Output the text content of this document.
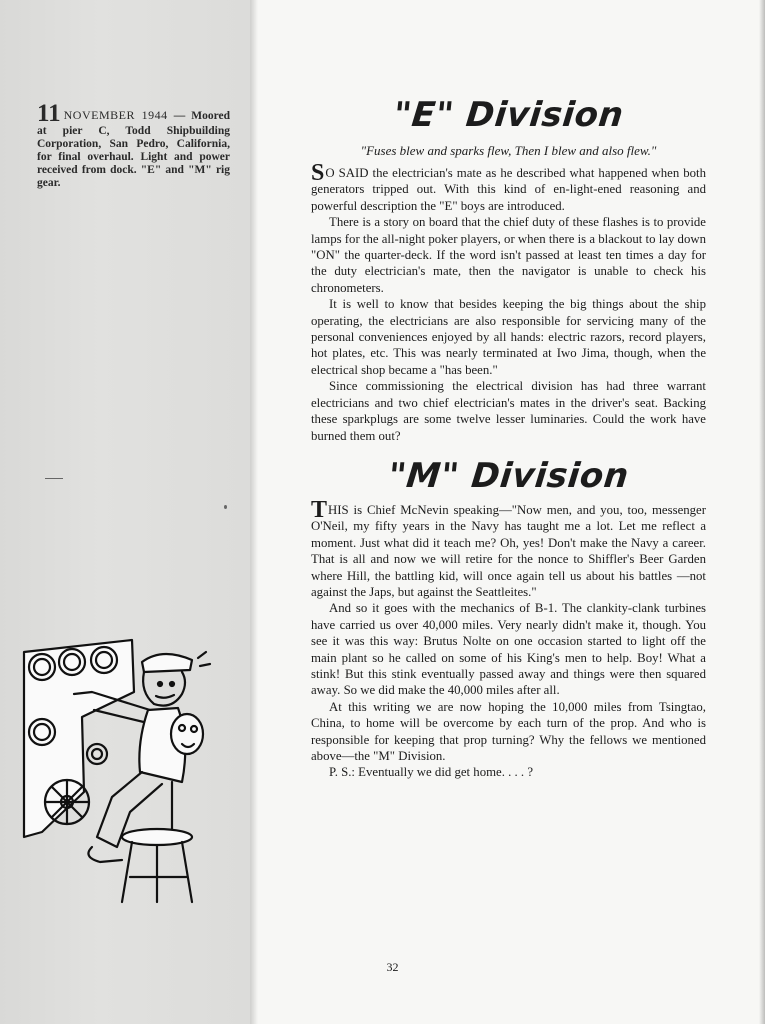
11 NOVEMBER 1944 — Moored at pier C, Todd Shipbuilding Corporation, San Pedro, California, for final overhaul. Light and power received from dock. "E" and "M" rig gear.
"E" Division

"Fuses blew and sparks flew, Then I blew and also flew."

SO SAID the electrician's mate as he described what happened when both generators tripped out. With this kind of en-light-ened reasoning and powerful description the "E" boys are introduced.

There is a story on board that the chief duty of these flashes is to provide lamps for the all-night poker players, or when there is a blackout to lay down "ON" the quarter-deck. If the word isn't passed at least ten times a day for the duty electrician's mate, then the navigator is unable to check his chronometers.

It is well to know that besides keeping the big things about the ship operating, the electricians are also responsible for servicing many of the personal conveniences enjoyed by all hands: electric razors, record players, hot plates, etc. This was nearly terminated at Iwo Jima, though, when the electrical shop became a "has been."

Since commissioning the electrical division has had three warrant electricians and two chief electrician's mates in the driver's seat. Backing these sparkplugs are some twelve lesser luminaries. Could the work have burned them out?

"M" Division

THIS is Chief McNevin speaking—"Now men, and you, too, messenger O'Neil, my fifty years in the Navy has taught me a lot. Let me reflect a moment. Just what did it teach me? Oh, yes! Don't make the Navy a career. That is all and now we will retire for the nonce to Shiffler's Beer Garden where Hill, the battling kid, will once again tell us about his battles —not against the Japs, but against the Seattleites."

And so it goes with the mechanics of B-1. The clankity-clank turbines have carried us over 40,000 miles. Very nearly didn't make it, though. You see it was this way: Brutus Nolte on one occasion started to light off the main plant so he called on some of his King's men to help. Boy! What a stink! But this stink eventually passed away and things were then squared away. So we did make the 40,000 miles after all.

At this writing we are now hoping the 10,000 miles from Tsingtao, China, to home will be overcome by each turn of the prop. And who is responsible for keeping that prop turning? Why the fellows we mentioned above—the "M" Division.

P. S.: Eventually we did get home. . . . ?

32
